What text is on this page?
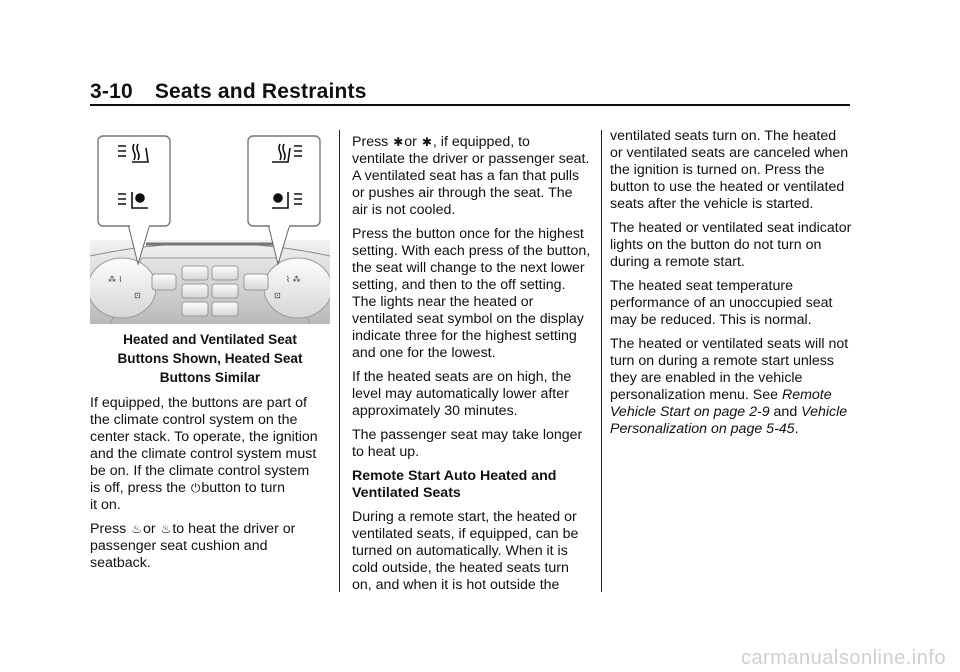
3-10 Seats and Restraints
⁂ ⌇
⊡
⌇ ⁂
⊡
Heated and Ventilated Seat
Buttons Shown, Heated Seat
Buttons Similar

If equipped, the buttons are part of the climate control system on the center stack. To operate, the ignition and the climate control system must be on. If the climate control system
is off, press the ⏻button to turn
it on.

Press ♨or ♨to heat the driver or
passenger seat cushion and seatback.

Press ✱or ✱, if equipped, to
ventilate the driver or passenger seat. A ventilated seat has a fan that pulls or pushes air through the seat. The air is not cooled.

Press the button once for the highest setting. With each press of the button, the seat will change to the next lower setting, and then to the off setting. The lights near the heated or ventilated seat symbol on the display indicate three for the highest setting and one for the lowest.

If the heated seats are on high, the level may automatically lower after approximately 30 minutes.

The passenger seat may take longer to heat up.

Remote Start Auto Heated and Ventilated Seats

During a remote start, the heated or ventilated seats, if equipped, can be turned on automatically. When it is cold outside, the heated seats turn on, and when it is hot outside the

ventilated seats turn on. The heated or ventilated seats are canceled when the ignition is turned on. Press the button to use the heated or ventilated seats after the vehicle is started.

The heated or ventilated seat indicator lights on the button do not turn on during a remote start.

The heated seat temperature performance of an unoccupied seat may be reduced. This is normal.

The heated or ventilated seats will not turn on during a remote start unless they are enabled in the vehicle personalization menu. See Remote Vehicle Start on page 2-9 and Vehicle Personalization on page 5-45.

carmanualsonline.info
